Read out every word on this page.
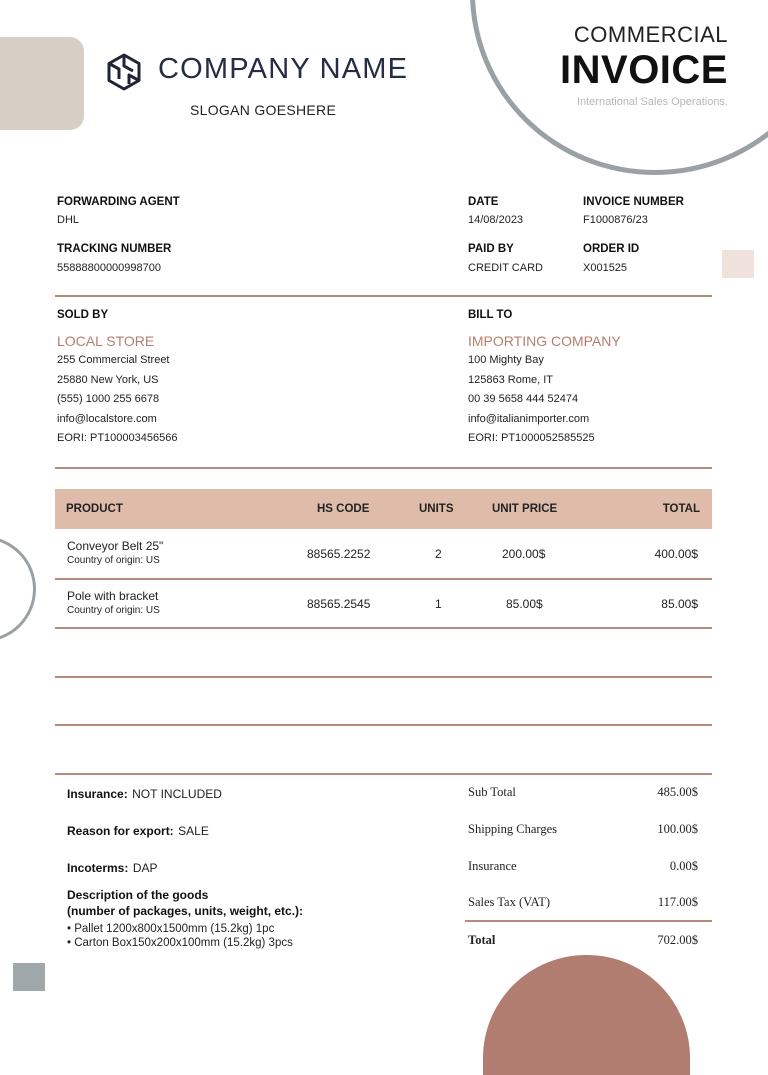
COMPANY NAME
SLOGAN GOESHERE
COMMERCIAL
INVOICE
International Sales Operations.
FORWARDING AGENT
DHL
TRACKING NUMBER
55888800000998700
DATE
14/08/2023
INVOICE NUMBER
F1000876/23
PAID BY
CREDIT CARD
ORDER ID
X001525
SOLD BY
LOCAL STORE
255 Commercial Street
25880 New York, US
(555) 1000 255 6678
info@localstore.com
EORI: PT100003456566
BILL TO
IMPORTING COMPANY
100 Mighty Bay
125863 Rome, IT
00 39 5658 444 52474
info@italianimporter.com
EORI: PT1000052585525
PRODUCT	HS CODE	UNITS	UNIT PRICE	TOTAL
Conveyor Belt 25"
Country of origin: US	88565.2252	2	200.00$	400.00$
Pole with bracket
Country of origin: US	88565.2545	1	85.00$	85.00$
Insurance: NOT INCLUDED
Reason for export: SALE
Incoterms: DAP
Description of the goods
(number of packages, units, weight, etc.):
• Pallet 1200x800x1500mm (15.2kg) 1pc
• Carton Box150x200x100mm (15.2kg) 3pcs
Sub Total	485.00$
Shipping Charges	100.00$
Insurance	0.00$
Sales Tax (VAT)	117.00$
Total	702.00$
